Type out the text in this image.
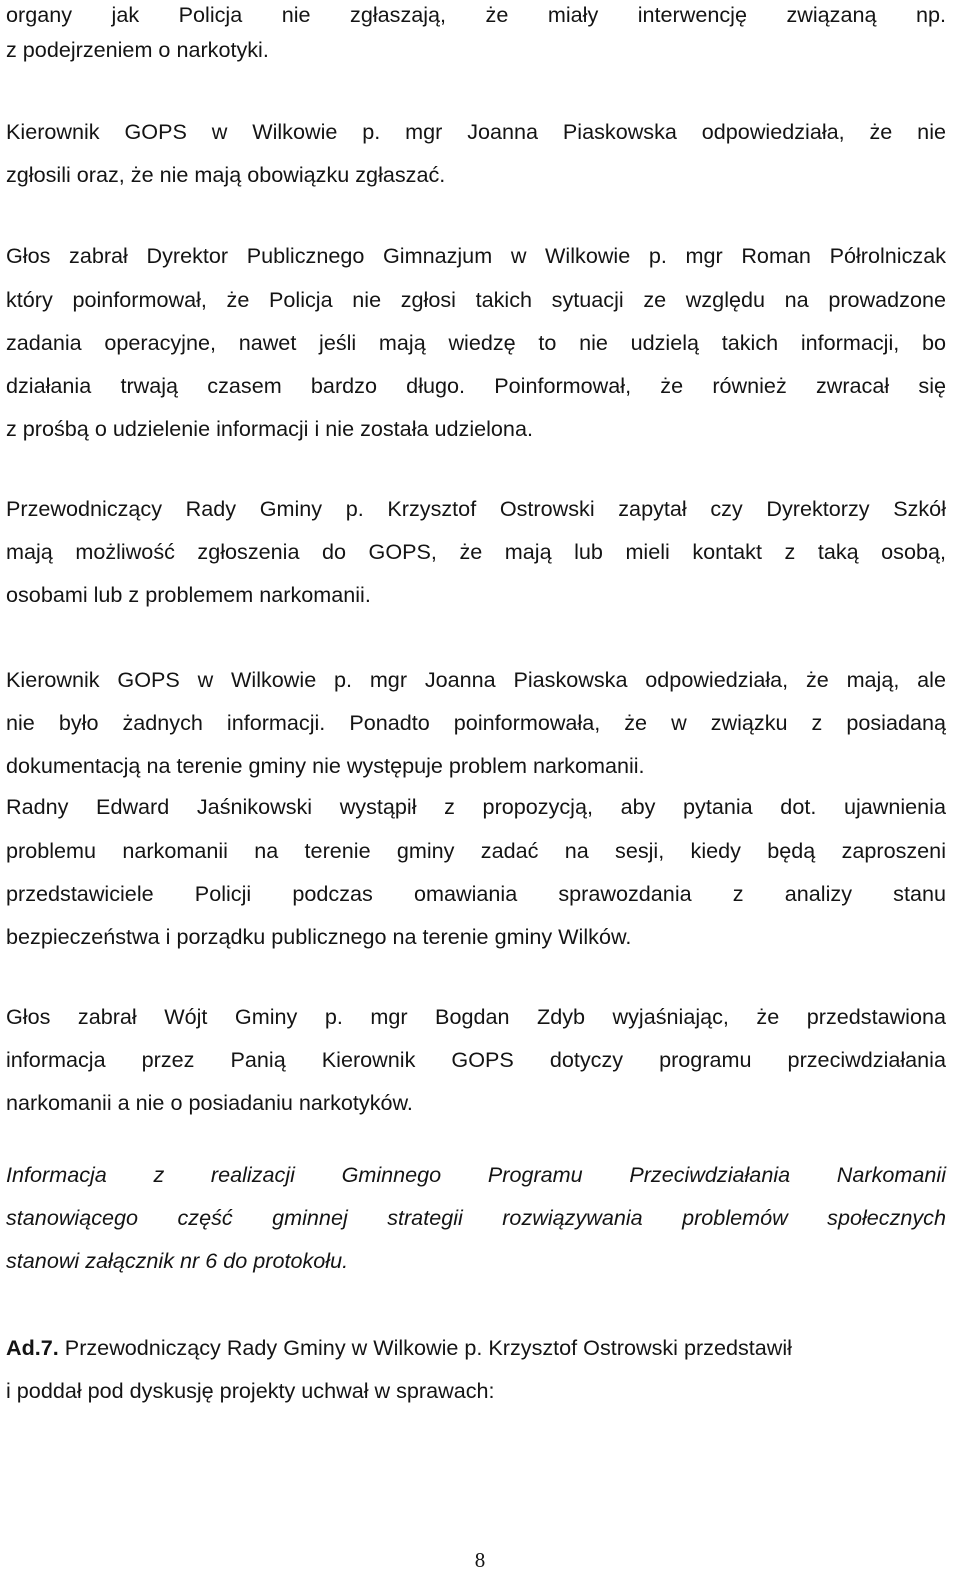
organy jak Policja nie zgłaszają, że miały interwencję związaną np.
z podejrzeniem o narkotyki.
Kierownik GOPS w Wilkowie p. mgr Joanna Piaskowska odpowiedziała, że nie
zgłosili oraz, że nie mają obowiązku zgłaszać.
Głos zabrał Dyrektor Publicznego Gimnazjum w Wilkowie p. mgr Roman Półrolniczak
który poinformował, że Policja nie zgłosi takich sytuacji ze względu na prowadzone
zadania operacyjne, nawet jeśli mają wiedzę to nie udzielą takich informacji, bo
działania trwają czasem bardzo długo. Poinformował, że również zwracał się
z prośbą o udzielenie informacji i nie została udzielona.
Przewodniczący Rady Gminy p. Krzysztof Ostrowski zapytał czy Dyrektorzy Szkół
mają możliwość zgłoszenia do GOPS, że mają lub mieli kontakt z taką osobą,
osobami lub z problemem narkomanii.
Kierownik GOPS w Wilkowie p. mgr Joanna Piaskowska odpowiedziała, że mają, ale
nie było żadnych informacji. Ponadto poinformowała, że w związku z posiadaną
dokumentacją na terenie gminy nie występuje problem narkomanii.
Radny Edward Jaśnikowski wystąpił z propozycją, aby pytania dot. ujawnienia
problemu narkomanii na terenie gminy zadać na sesji, kiedy będą zaproszeni
przedstawiciele Policji podczas omawiania sprawozdania z analizy stanu
bezpieczeństwa i porządku publicznego na terenie gminy Wilków.
Głos zabrał Wójt Gminy p. mgr Bogdan Zdyb wyjaśniając, że przedstawiona
informacja przez Panią Kierownik GOPS dotyczy programu przeciwdziałania
narkomanii a nie o posiadaniu narkotyków.
Informacja z realizacji Gminnego Programu Przeciwdziałania Narkomanii
stanowiącego część gminnej strategii rozwiązywania problemów społecznych
stanowi załącznik nr 6 do protokołu.
Ad.7. Przewodniczący Rady Gminy w Wilkowie p. Krzysztof Ostrowski przedstawił
i poddał pod dyskusję projekty uchwał w sprawach:
8
